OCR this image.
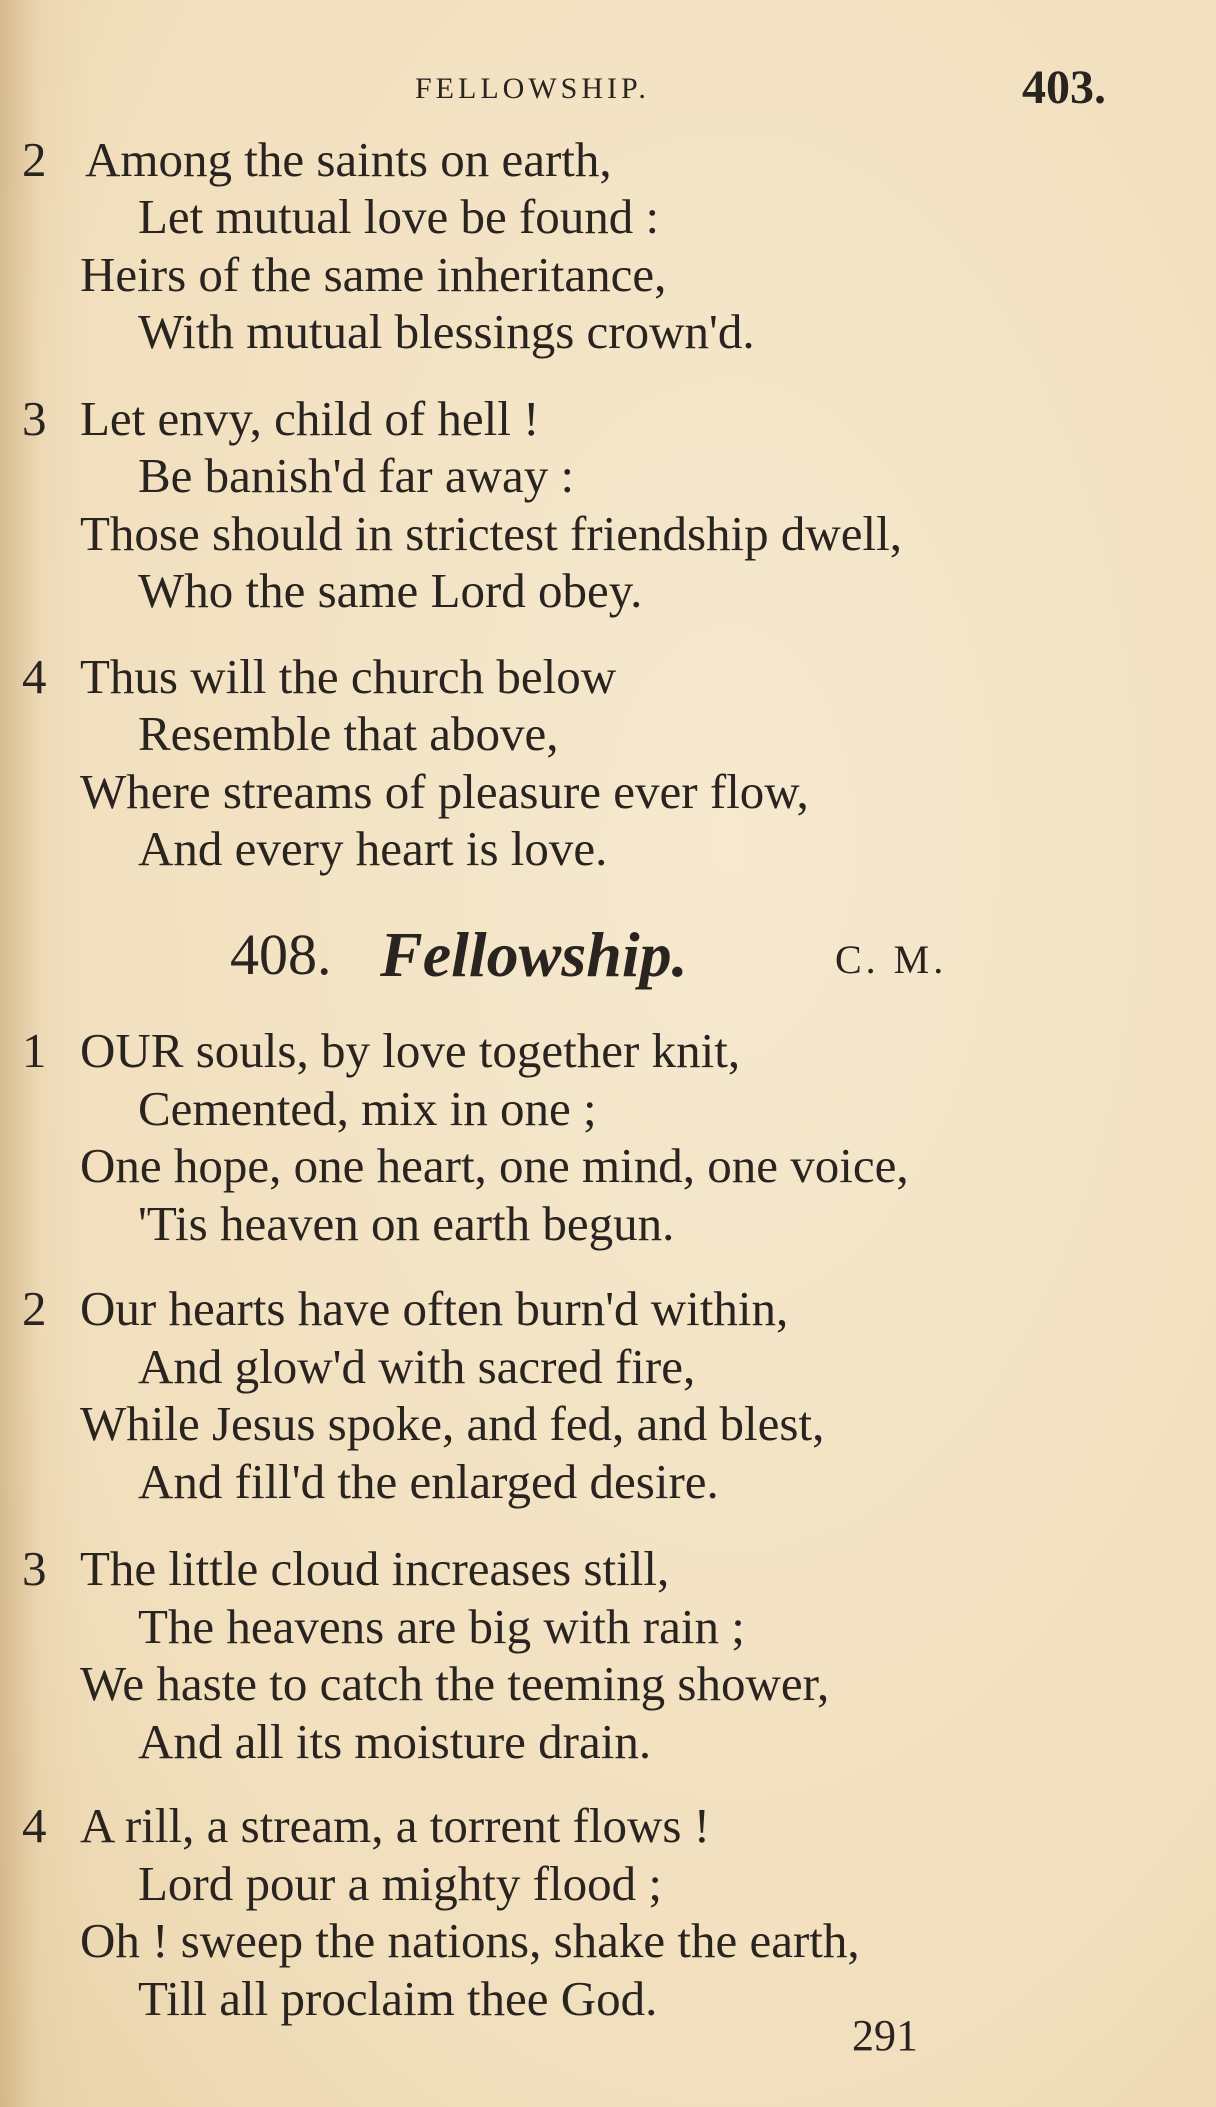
FELLOWSHIP.	403.
2 Among the saints on earth,
Let mutual love be found :
Heirs of the same inheritance,
With mutual blessings crown'd.
3 Let envy, child of hell !
Be banish'd far away :
Those should in strictest friendship dwell,
Who the same Lord obey.
4 Thus will the church below
Resemble that above,
Where streams of pleasure ever flow,
And every heart is love.
408. Fellowship.	C. M.
1 OUR souls, by love together knit,
Cemented, mix in one ;
One hope, one heart, one mind, one voice,
'Tis heaven on earth begun.
2 Our hearts have often burn'd within,
And glow'd with sacred fire,
While Jesus spoke, and fed, and blest,
And fill'd the enlarged desire.
3 The little cloud increases still,
The heavens are big with rain ;
We haste to catch the teeming shower,
And all its moisture drain.
4 A rill, a stream, a torrent flows !
Lord pour a mighty flood ;
Oh ! sweep the nations, shake the earth,
Till all proclaim thee God.
291
